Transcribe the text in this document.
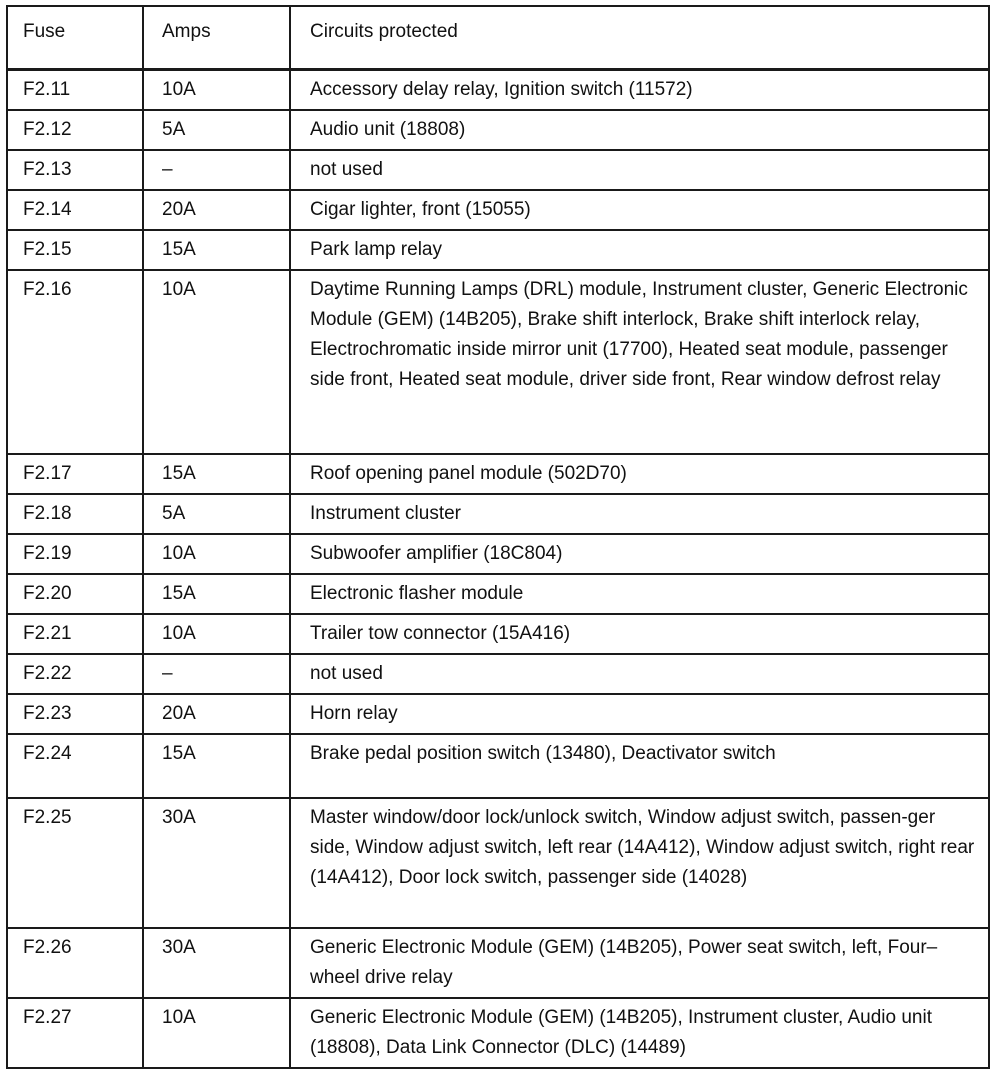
Fuse	Amps	Circuits protected
F2.11	10A	Accessory delay relay, Ignition switch (11572)
F2.12	5A	Audio unit (18808)
F2.13	–	not used
F2.14	20A	Cigar lighter, front (15055)
F2.15	15A	Park lamp relay
F2.16	10A	Daytime Running Lamps (DRL) module, Instrument cluster, Generic Electronic Module (GEM) (14B205), Brake shift interlock, Brake shift interlock relay, Electrochromatic inside mirror unit (17700), Heated seat module, passenger side front, Heated seat module, driver side front, Rear window defrost relay
F2.17	15A	Roof opening panel module (502D70)
F2.18	5A	Instrument cluster
F2.19	10A	Subwoofer amplifier (18C804)
F2.20	15A	Electronic flasher module
F2.21	10A	Trailer tow connector (15A416)
F2.22	–	not used
F2.23	20A	Horn relay
F2.24	15A	Brake pedal position switch (13480), Deactivator switch
F2.25	30A	Master window/door lock/unlock switch, Window adjust switch, passen-ger side, Window adjust switch, left rear (14A412), Window adjust switch, right rear (14A412), Door lock switch, passenger side (14028)
F2.26	30A	Generic Electronic Module (GEM) (14B205), Power seat switch, left, Four–wheel drive relay
F2.27	10A	Generic Electronic Module (GEM) (14B205), Instrument cluster, Audio unit (18808), Data Link Connector (DLC) (14489)
